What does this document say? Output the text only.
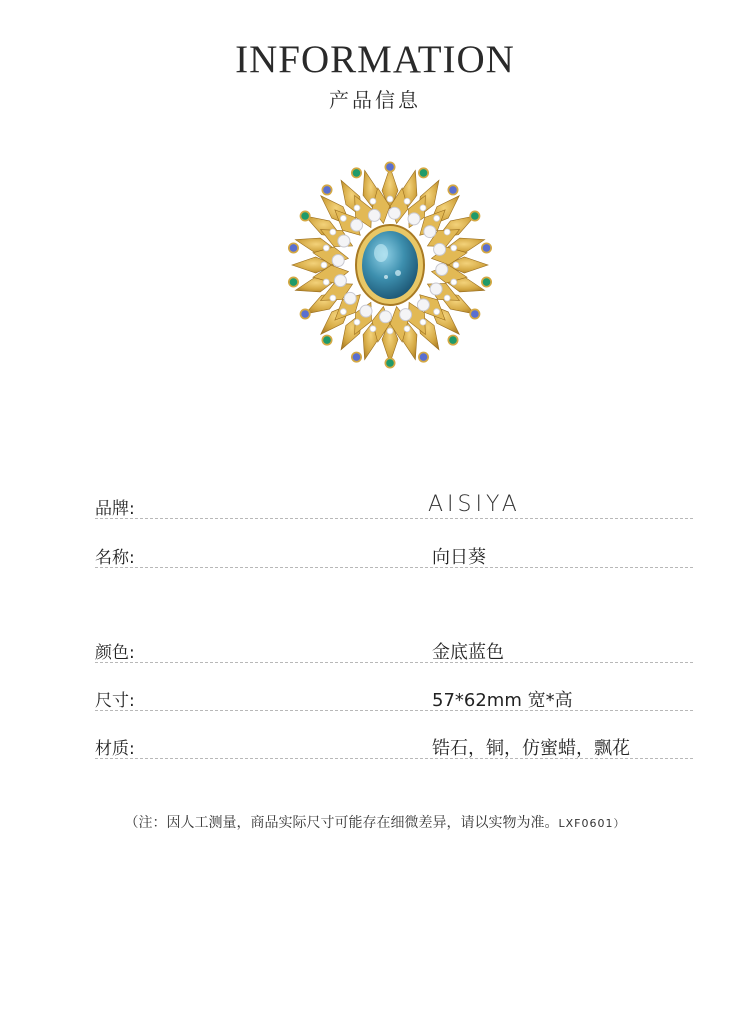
INFORMATION
产品信息
品牌:	AISIYA
名称:	向日葵
颜色:	金底蓝色
尺寸:	57*62mm 宽*高
材质:	锆石，铜，仿蜜蜡，飘花
（注：因人工测量，商品实际尺寸可能存在细微差异，请以实物为准。LXF0601）
